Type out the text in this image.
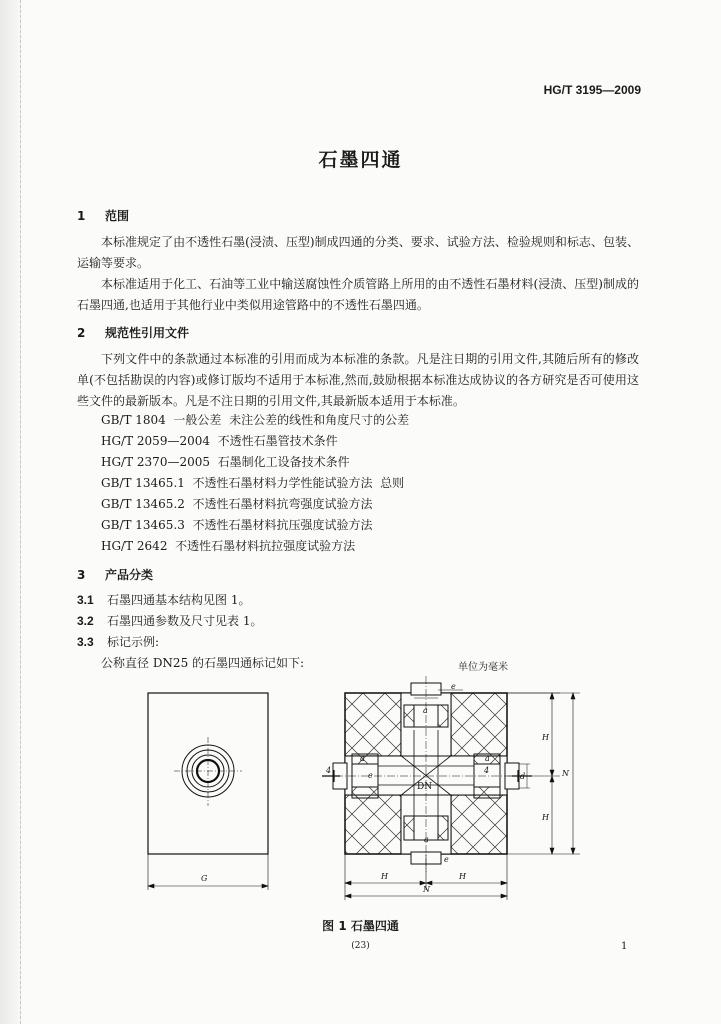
HG/T 3195—2009
石墨四通
1 范围
本标准规定了由不透性石墨(浸渍、压型)制成四通的分类、要求、试验方法、检验规则和标志、包装、运输等要求。
本标准适用于化工、石油等工业中输送腐蚀性介质管路上所用的由不透性石墨材料(浸渍、压型)制成的石墨四通,也适用于其他行业中类似用途管路中的不透性石墨四通。
2 规范性引用文件
下列文件中的条款通过本标准的引用而成为本标准的条款。凡是注日期的引用文件,其随后所有的修改单(不包括勘误的内容)或修订版均不适用于本标准,然而,鼓励根据本标准达成协议的各方研究是否可使用这些文件的最新版本。凡是不注日期的引用文件,其最新版本适用于本标准。
GB/T 1804  一般公差  未注公差的线性和角度尺寸的公差
HG/T 2059—2004  不透性石墨管技术条件
HG/T 2370—2005  石墨制化工设备技术条件
GB/T 13465.1  不透性石墨材料力学性能试验方法  总则
GB/T 13465.2  不透性石墨材料抗弯强度试验方法
GB/T 13465.3  不透性石墨材料抗压强度试验方法
HG/T 2642  不透性石墨材料抗拉强度试验方法
3 产品分类
3.1 石墨四通基本结构见图 1。
3.2 石墨四通参数及尺寸见表 1。
3.3 标记示例:
公称直径 DN25 的石墨四通标记如下:	单位为毫米
G
4	4
H
H
N
H	H
N
a
e
a
e
a
e
a
d
DN
图 1 石墨四通
(23)	1
